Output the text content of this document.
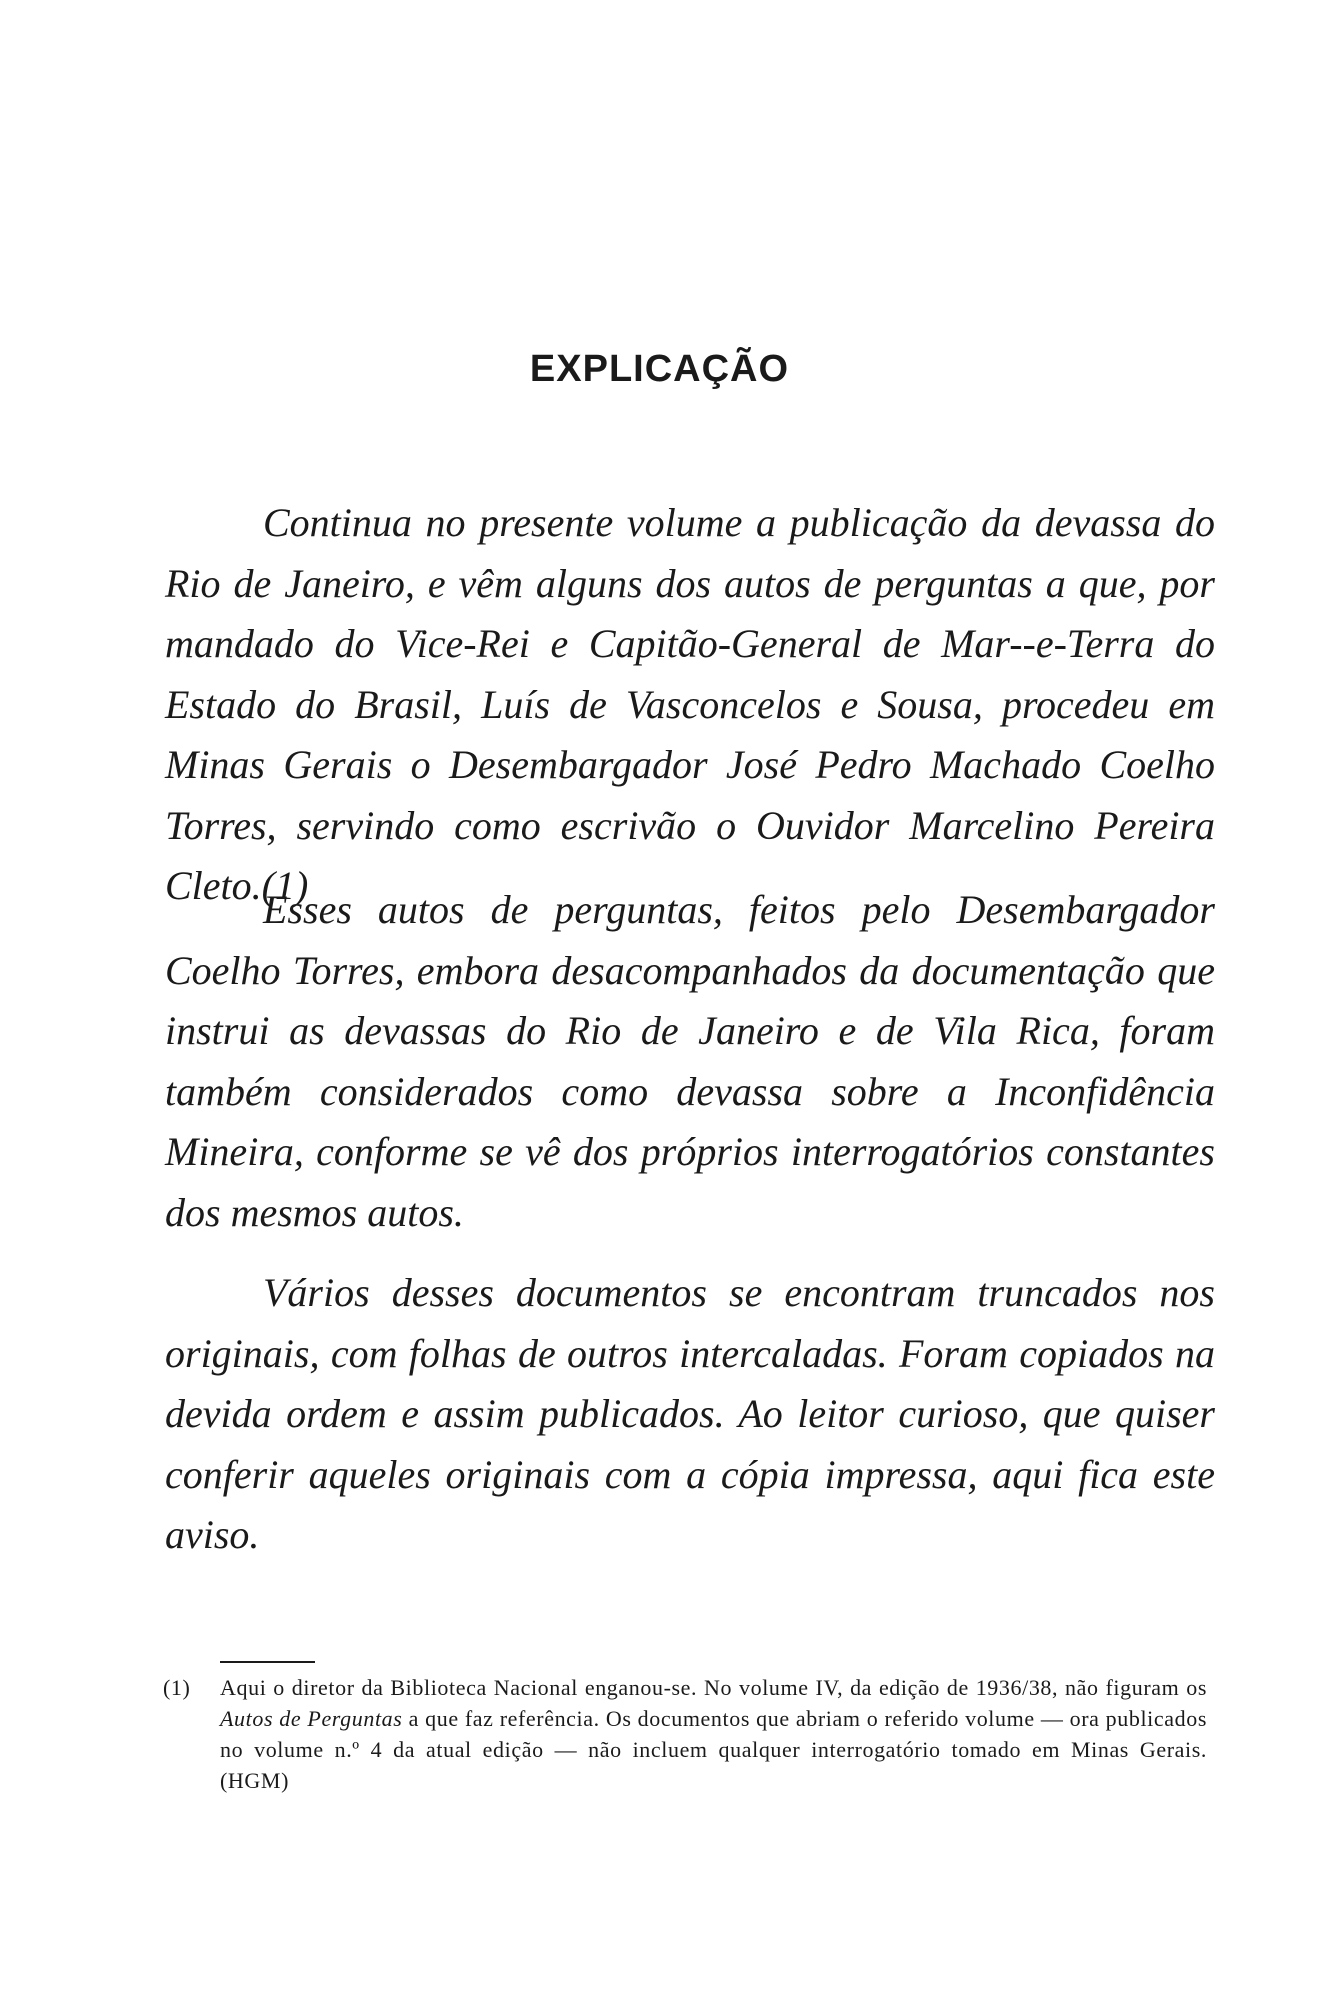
EXPLICAÇÃO

Continua no presente volume a publicação da devassa do Rio de Janeiro, e vêm alguns dos autos de perguntas a que, por mandado do Vice-Rei e Capitão-General de Mar--e-Terra do Estado do Brasil, Luís de Vasconcelos e Sousa, procedeu em Minas Gerais o Desembargador José Pedro Machado Coelho Torres, servindo como escrivão o Ouvidor Marcelino Pereira Cleto.(1)

Esses autos de perguntas, feitos pelo Desembargador Coelho Torres, embora desacompanhados da documentação que instrui as devassas do Rio de Janeiro e de Vila Rica, foram também considerados como devassa sobre a Inconfidência Mineira, conforme se vê dos próprios interrogatórios constantes dos mesmos autos.

Vários desses documentos se encontram truncados nos originais, com folhas de outros intercaladas. Foram copiados na devida ordem e assim publicados. Ao leitor curioso, que quiser conferir aqueles originais com a cópia impressa, aqui fica este aviso.

(1) Aqui o diretor da Biblioteca Nacional enganou-se. No volume IV, da edição de 1936/38, não figuram os Autos de Perguntas a que faz referência. Os documentos que abriam o referido volume — ora publicados no volume n.º 4 da atual edição — não incluem qualquer interrogatório tomado em Minas Gerais. (HGM)
